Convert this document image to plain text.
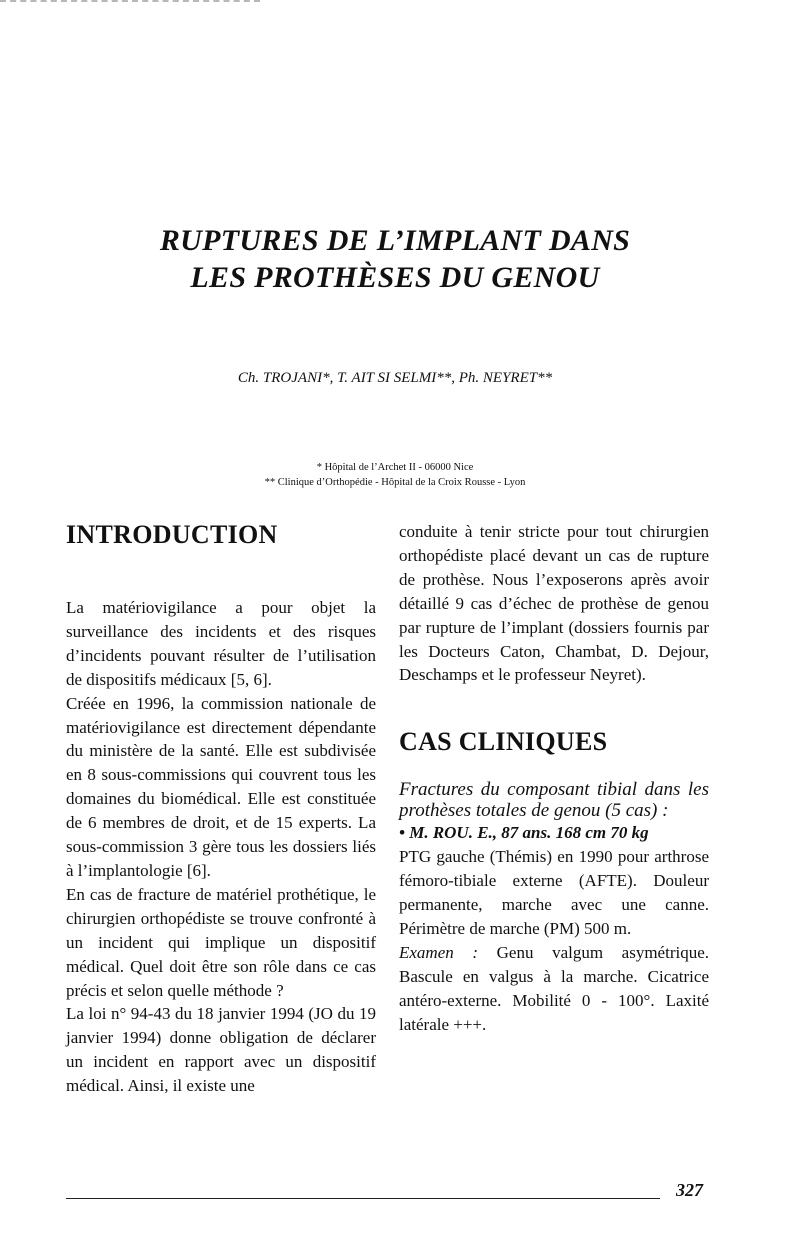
RUPTURES DE L’IMPLANT DANS
LES PROTHÈSES DU GENOU
Ch. TROJANI*, T. AIT SI SELMI**, Ph. NEYRET**
* Hôpital de l’Archet II - 06000 Nice
** Clinique d’Orthopédie - Hôpital de la Croix Rousse - Lyon
INTRODUCTION

La matériovigilance a pour objet la surveillance des incidents et des risques d’incidents pouvant résulter de l’utilisation de dispositifs médicaux [5, 6].

Créée en 1996, la commission nationale de matériovigilance est directement dépendante du ministère de la santé. Elle est subdivisée en 8 sous-commissions qui couvrent tous les domaines du biomédical. Elle est constituée de 6 membres de droit, et de 15 experts. La sous-commission 3 gère tous les dossiers liés à l’implantologie [6].

En cas de fracture de matériel prothétique, le chirurgien orthopédiste se trouve confronté à un incident qui implique un dispositif médical. Quel doit être son rôle dans ce cas précis et selon quelle méthode ?

La loi n° 94-43 du 18 janvier 1994 (JO du 19 janvier 1994) donne obligation de déclarer un incident en rapport avec un dispositif médical. Ainsi, il existe une

conduite à tenir stricte pour tout chirurgien orthopédiste placé devant un cas de rupture de prothèse. Nous l’exposerons après avoir détaillé 9 cas d’échec de prothèse de genou par rupture de l’implant (dossiers fournis par les Docteurs Caton, Chambat, D. Dejour, Deschamps et le professeur Neyret).

CAS CLINIQUES

Fractures du composant tibial dans les prothèses totales de genou (5 cas) :

• M. ROU. E., 87 ans. 168 cm 70 kg

PTG gauche (Thémis) en 1990 pour arthrose fémoro-tibiale externe (AFTE). Douleur permanente, marche avec une canne. Périmètre de marche (PM) 500 m.

Examen : Genu valgum asymétrique. Bascule en valgus à la marche. Cicatrice antéro-externe. Mobilité 0 - 100°. Laxité latérale +++.

327
